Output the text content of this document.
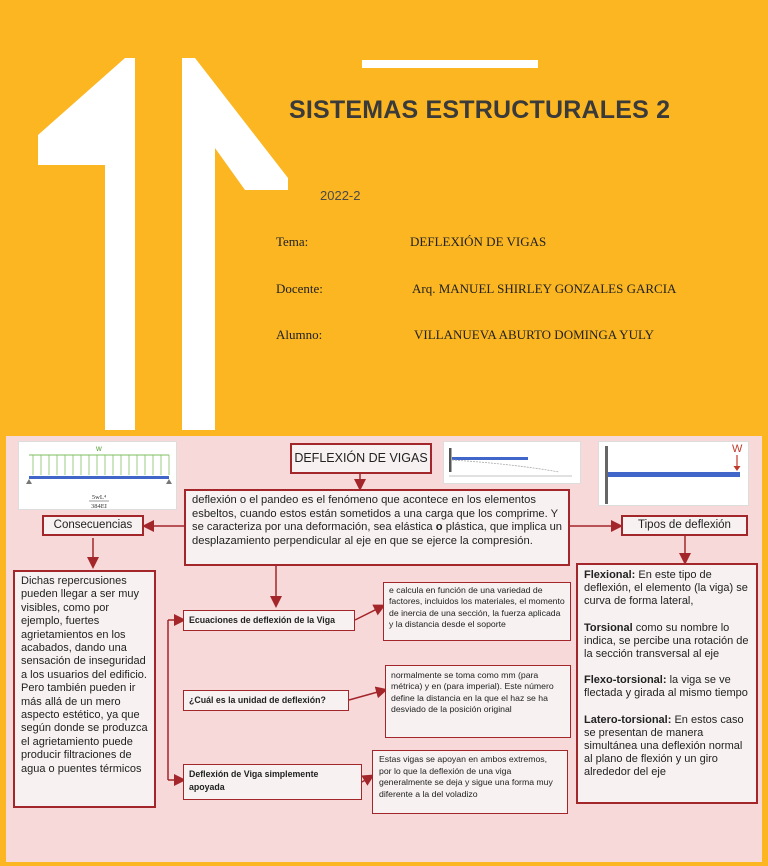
SISTEMAS ESTRUCTURALES 2
2022-2
Tema:	DEFLEXIÓN DE VIGAS
Docente:	Arq. MANUEL SHIRLEY GONZALES GARCIA
Alumno:	VILLANUEVA ABURTO DOMINGA YULY
w
5wL⁴
384EI
DEFLEXIÓN DE VIGAS
W
deflexión o el pandeo es el fenómeno que acontece en los elementos esbeltos, cuando estos están sometidos a una carga que los comprime. Y se caracteriza por una deformación, sea elástica o plástica, que implica un desplazamiento perpendicular al eje en que se ejerce la compresión.
Consecuencias	Tipos de deflexión
Dichas repercusiones pueden llegar a ser muy visibles, como por ejemplo, fuertes agrietamientos en los acabados, dando una sensación de inseguridad a los usuarios del edificio. Pero también pueden ir más allá de un mero aspecto estético, ya que según donde se produzca el agrietamiento puede producir filtraciones de agua o puentes térmicos
Ecuaciones de deflexión de la Viga
e calcula en función de una variedad de factores, incluidos los materiales, el momento de inercia de una sección, la fuerza aplicada y la distancia desde el soporte
¿Cuál es la unidad de deflexión?
normalmente se toma como mm (para métrica) y en (para imperial). Este número define la distancia en la que el haz se ha desviado de la posición original
Deflexión de Viga simplemente apoyada
Estas vigas se apoyan en ambos extremos, por lo que la deflexión de una viga generalmente se deja y sigue una forma muy diferente a la del voladizo
Flexional: En este tipo de deflexión, el elemento (la viga) se curva de forma lateral,
Torsional como su nombre lo indica, se percibe una rotación de la sección transversal al eje
Flexo-torsional: la viga se ve flectada y girada al mismo tiempo
Latero-torsional: En estos caso se presentan de manera simultánea una deflexión normal al plano de flexión y un giro alrededor del eje
